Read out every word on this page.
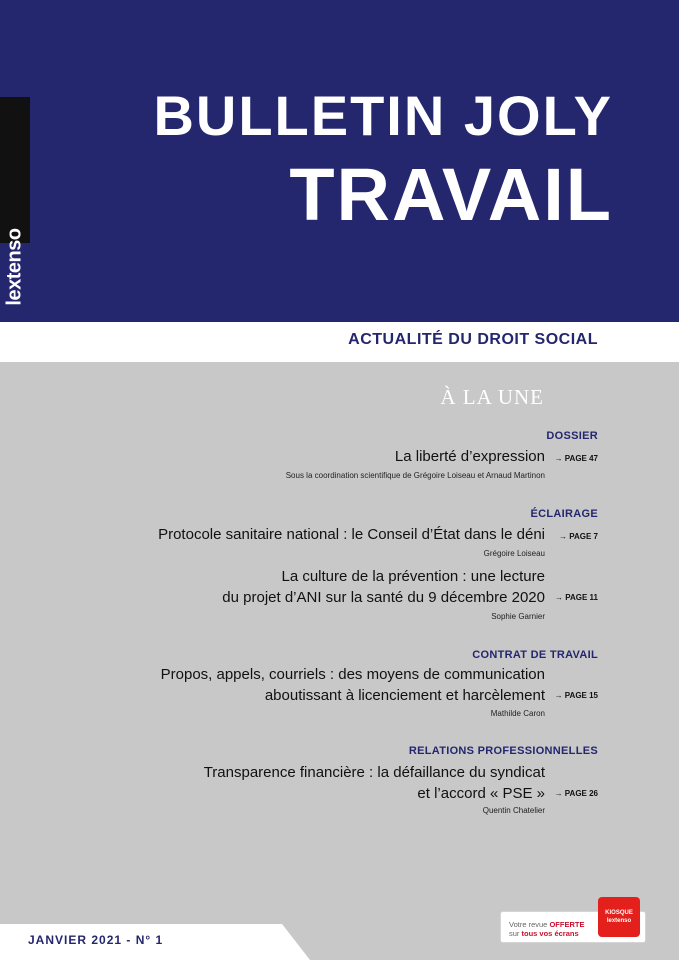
lextenso
BULLETIN JOLY
TRAVAIL
ACTUALITÉ DU DROIT SOCIAL
À LA UNE
DOSSIER
La liberté d’expression → PAGE 47
Sous la coordination scientifique de Grégoire Loiseau et Arnaud Martinon
ÉCLAIRAGE
Protocole sanitaire national : le Conseil d’État dans le déni → PAGE 7
Grégoire Loiseau
La culture de la prévention : une lecture
du projet d’ANI sur la santé du 9 décembre 2020 → PAGE 11
Sophie Garnier
CONTRAT DE TRAVAIL
Propos, appels, courriels : des moyens de communication
aboutissant à licenciement et harcèlement → PAGE 15
Mathilde Caron
RELATIONS PROFESSIONNELLES
Transparence financière : la défaillance du syndicat
et l’accord « PSE » → PAGE 26
Quentin Chatelier
JANVIER 2021 - N° 1
Votre revue OFFERTE
sur tous vos écrans
KIOSQUE
lextenso
